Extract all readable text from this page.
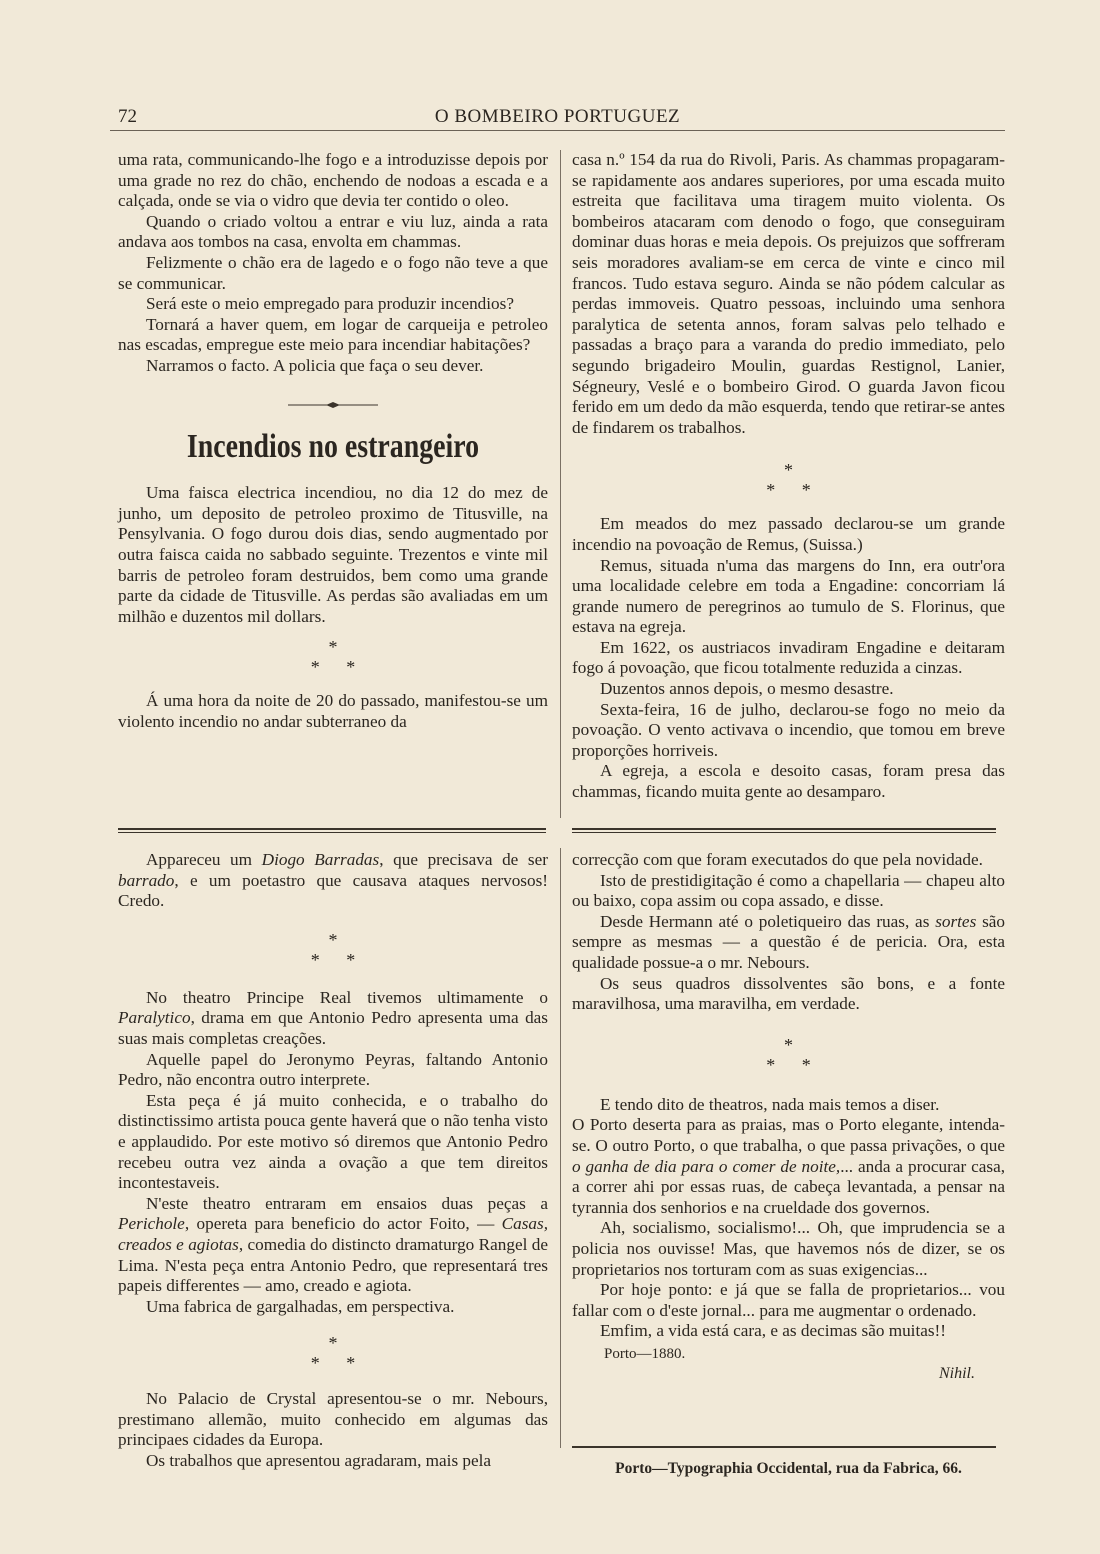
72	O BOMBEIRO PORTUGUEZ

uma rata, communicando-lhe fogo e a introduzisse depois por uma grade no rez do chão, enchendo de nodoas a escada e a calçada, onde se via o vidro que devia ter contido o oleo.

Quando o criado voltou a entrar e viu luz, ainda a rata andava aos tombos na casa, envolta em chammas.

Felizmente o chão era de lagedo e o fogo não teve a que se communicar.

Será este o meio empregado para produzir incendios?

Tornará a haver quem, em logar de carqueija e petroleo nas escadas, empregue este meio para incendiar habitações?

Narramos o facto. A policia que faça o seu dever.

Incendios no estrangeiro

Uma faisca electrica incendiou, no dia 12 do mez de junho, um deposito de petroleo proximo de Titusville, na Pensylvania. O fogo durou dois dias, sendo augmentado por outra faisca caida no sabbado seguinte. Trezentos e vinte mil barris de petroleo foram destruidos, bem como uma grande parte da cidade de Titusville. As perdas são avaliadas em um milhão e duzentos mil dollars.

*
* *

Á uma hora da noite de 20 do passado, manifestou-se um violento incendio no andar subterraneo da

casa n.º 154 da rua do Rivoli, Paris. As chammas propagaram-se rapidamente aos andares superiores, por uma escada muito estreita que facilitava uma tiragem muito violenta. Os bombeiros atacaram com denodo o fogo, que conseguiram dominar duas horas e meia depois. Os prejuizos que soffreram seis moradores avaliam-se em cerca de vinte e cinco mil francos. Tudo estava seguro. Ainda se não pódem calcular as perdas immoveis. Quatro pessoas, incluindo uma senhora paralytica de setenta annos, foram salvas pelo telhado e passadas a braço para a varanda do predio immediato, pelo segundo brigadeiro Moulin, guardas Restignol, Lanier, Ségneury, Veslé e o bombeiro Girod. O guarda Javon ficou ferido em um dedo da mão esquerda, tendo que retirar-se antes de findarem os trabalhos.

*
* *

Em meados do mez passado declarou-se um grande incendio na povoação de Remus, (Suissa.)

Remus, situada n'uma das margens do Inn, era outr'ora uma localidade celebre em toda a Engadine: concorriam lá grande numero de peregrinos ao tumulo de S. Florinus, que estava na egreja.

Em 1622, os austriacos invadiram Engadine e deitaram fogo á povoação, que ficou totalmente reduzida a cinzas.

Duzentos annos depois, o mesmo desastre.

Sexta-feira, 16 de julho, declarou-se fogo no meio da povoação. O vento activava o incendio, que tomou em breve proporções horriveis.

A egreja, a escola e desoito casas, foram presa das chammas, ficando muita gente ao desamparo.

Appareceu um Diogo Barradas, que precisava de ser barrado, e um poetastro que causava ataques nervosos! Credo.

*
* *

No theatro Principe Real tivemos ultimamente o Paralytico, drama em que Antonio Pedro apresenta uma das suas mais completas creações.

Aquelle papel do Jeronymo Peyras, faltando Antonio Pedro, não encontra outro interprete.

Esta peça é já muito conhecida, e o trabalho do distinctissimo artista pouca gente haverá que o não tenha visto e applaudido. Por este motivo só diremos que Antonio Pedro recebeu outra vez ainda a ovação a que tem direitos incontestaveis.

N'este theatro entraram em ensaios duas peças a Perichole, opereta para beneficio do actor Foito, — Casas, creados e agiotas, comedia do distincto dramaturgo Rangel de Lima. N'esta peça entra Antonio Pedro, que representará tres papeis differentes — amo, creado e agiota.

Uma fabrica de gargalhadas, em perspectiva.

*
* *

No Palacio de Crystal apresentou-se o mr. Nebours, prestimano allemão, muito conhecido em algumas das principaes cidades da Europa.

Os trabalhos que apresentou agradaram, mais pela

correcção com que foram executados do que pela novidade.

Isto de prestidigitação é como a chapellaria — chapeu alto ou baixo, copa assim ou copa assado, e disse.

Desde Hermann até o poletiqueiro das ruas, as sortes são sempre as mesmas — a questão é de pericia. Ora, esta qualidade possue-a o mr. Nebours.

Os seus quadros dissolventes são bons, e a fonte maravilhosa, uma maravilha, em verdade.

*
* *

E tendo dito de theatros, nada mais temos a diser.

O Porto deserta para as praias, mas o Porto elegante, intenda-se. O outro Porto, o que trabalha, o que passa privações, o que o ganha de dia para o comer de noite,... anda a procurar casa, a correr ahi por essas ruas, de cabeça levantada, a pensar na tyrannia dos senhorios e na crueldade dos governos.

Ah, socialismo, socialismo!... Oh, que imprudencia se a policia nos ouvisse! Mas, que havemos nós de dizer, se os proprietarios nos torturam com as suas exigencias...

Por hoje ponto: e já que se falla de proprietarios... vou fallar com o d'este jornal... para me augmentar o ordenado.

Emfim, a vida está cara, e as decimas são muitas!!

Porto—1880.
Nihil.
Porto—Typographia Occidental, rua da Fabrica, 66.
